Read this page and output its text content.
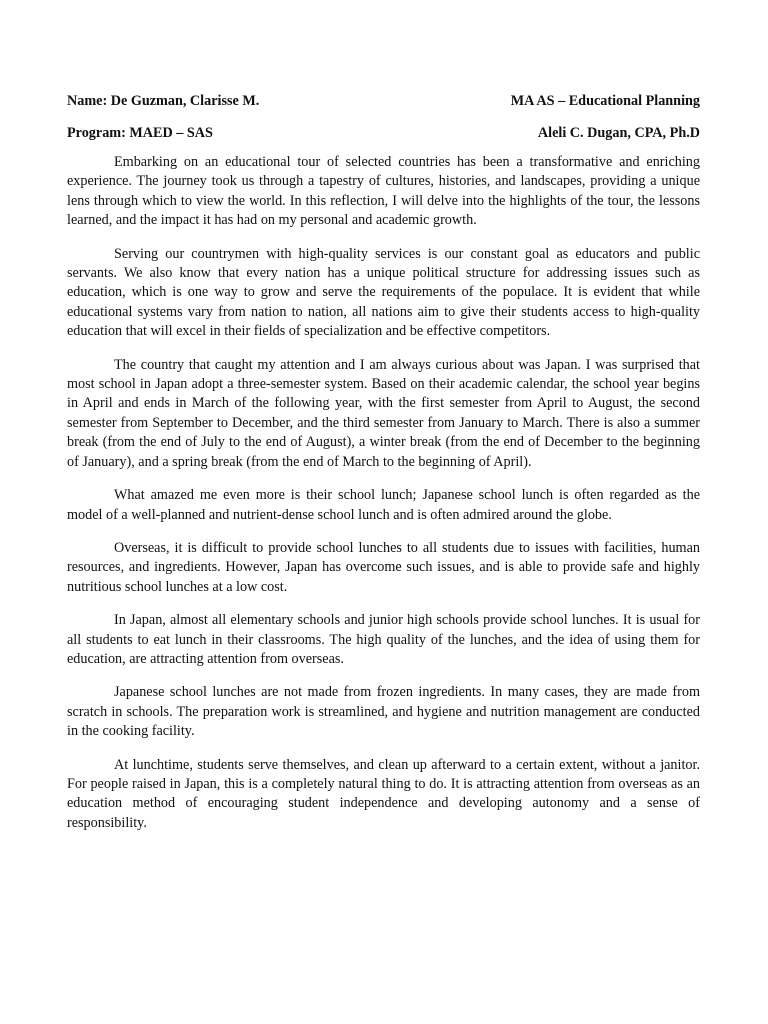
Name: De Guzman, Clarisse M.	MA AS – Educational Planning
Program: MAED – SAS	Aleli C. Dugan, CPA, Ph.D

Embarking on an educational tour of selected countries has been a transformative and enriching experience. The journey took us through a tapestry of cultures, histories, and landscapes, providing a unique lens through which to view the world. In this reflection, I will delve into the highlights of the tour, the lessons learned, and the impact it has had on my personal and academic growth.

Serving our countrymen with high-quality services is our constant goal as educators and public servants. We also know that every nation has a unique political structure for addressing issues such as education, which is one way to grow and serve the requirements of the populace. It is evident that while educational systems vary from nation to nation, all nations aim to give their students access to high-quality education that will excel in their fields of specialization and be effective competitors.

The country that caught my attention and I am always curious about was Japan. I was surprised that most school in Japan adopt a three-semester system. Based on their academic calendar, the school year begins in April and ends in March of the following year, with the first semester from April to August, the second semester from September to December, and the third semester from January to March. There is also a summer break (from the end of July to the end of August), a winter break (from the end of December to the beginning of January), and a spring break (from the end of March to the beginning of April).

What amazed me even more is their school lunch; Japanese school lunch is often regarded as the model of a well-planned and nutrient-dense school lunch and is often admired around the globe.

Overseas, it is difficult to provide school lunches to all students due to issues with facilities, human resources, and ingredients. However, Japan has overcome such issues, and is able to provide safe and highly nutritious school lunches at a low cost.

In Japan, almost all elementary schools and junior high schools provide school lunches. It is usual for all students to eat lunch in their classrooms. The high quality of the lunches, and the idea of using them for education, are attracting attention from overseas.

Japanese school lunches are not made from frozen ingredients. In many cases, they are made from scratch in schools. The preparation work is streamlined, and hygiene and nutrition management are conducted in the cooking facility.

At lunchtime, students serve themselves, and clean up afterward to a certain extent, without a janitor. For people raised in Japan, this is a completely natural thing to do. It is attracting attention from overseas as an education method of encouraging student independence and developing autonomy and a sense of responsibility.
